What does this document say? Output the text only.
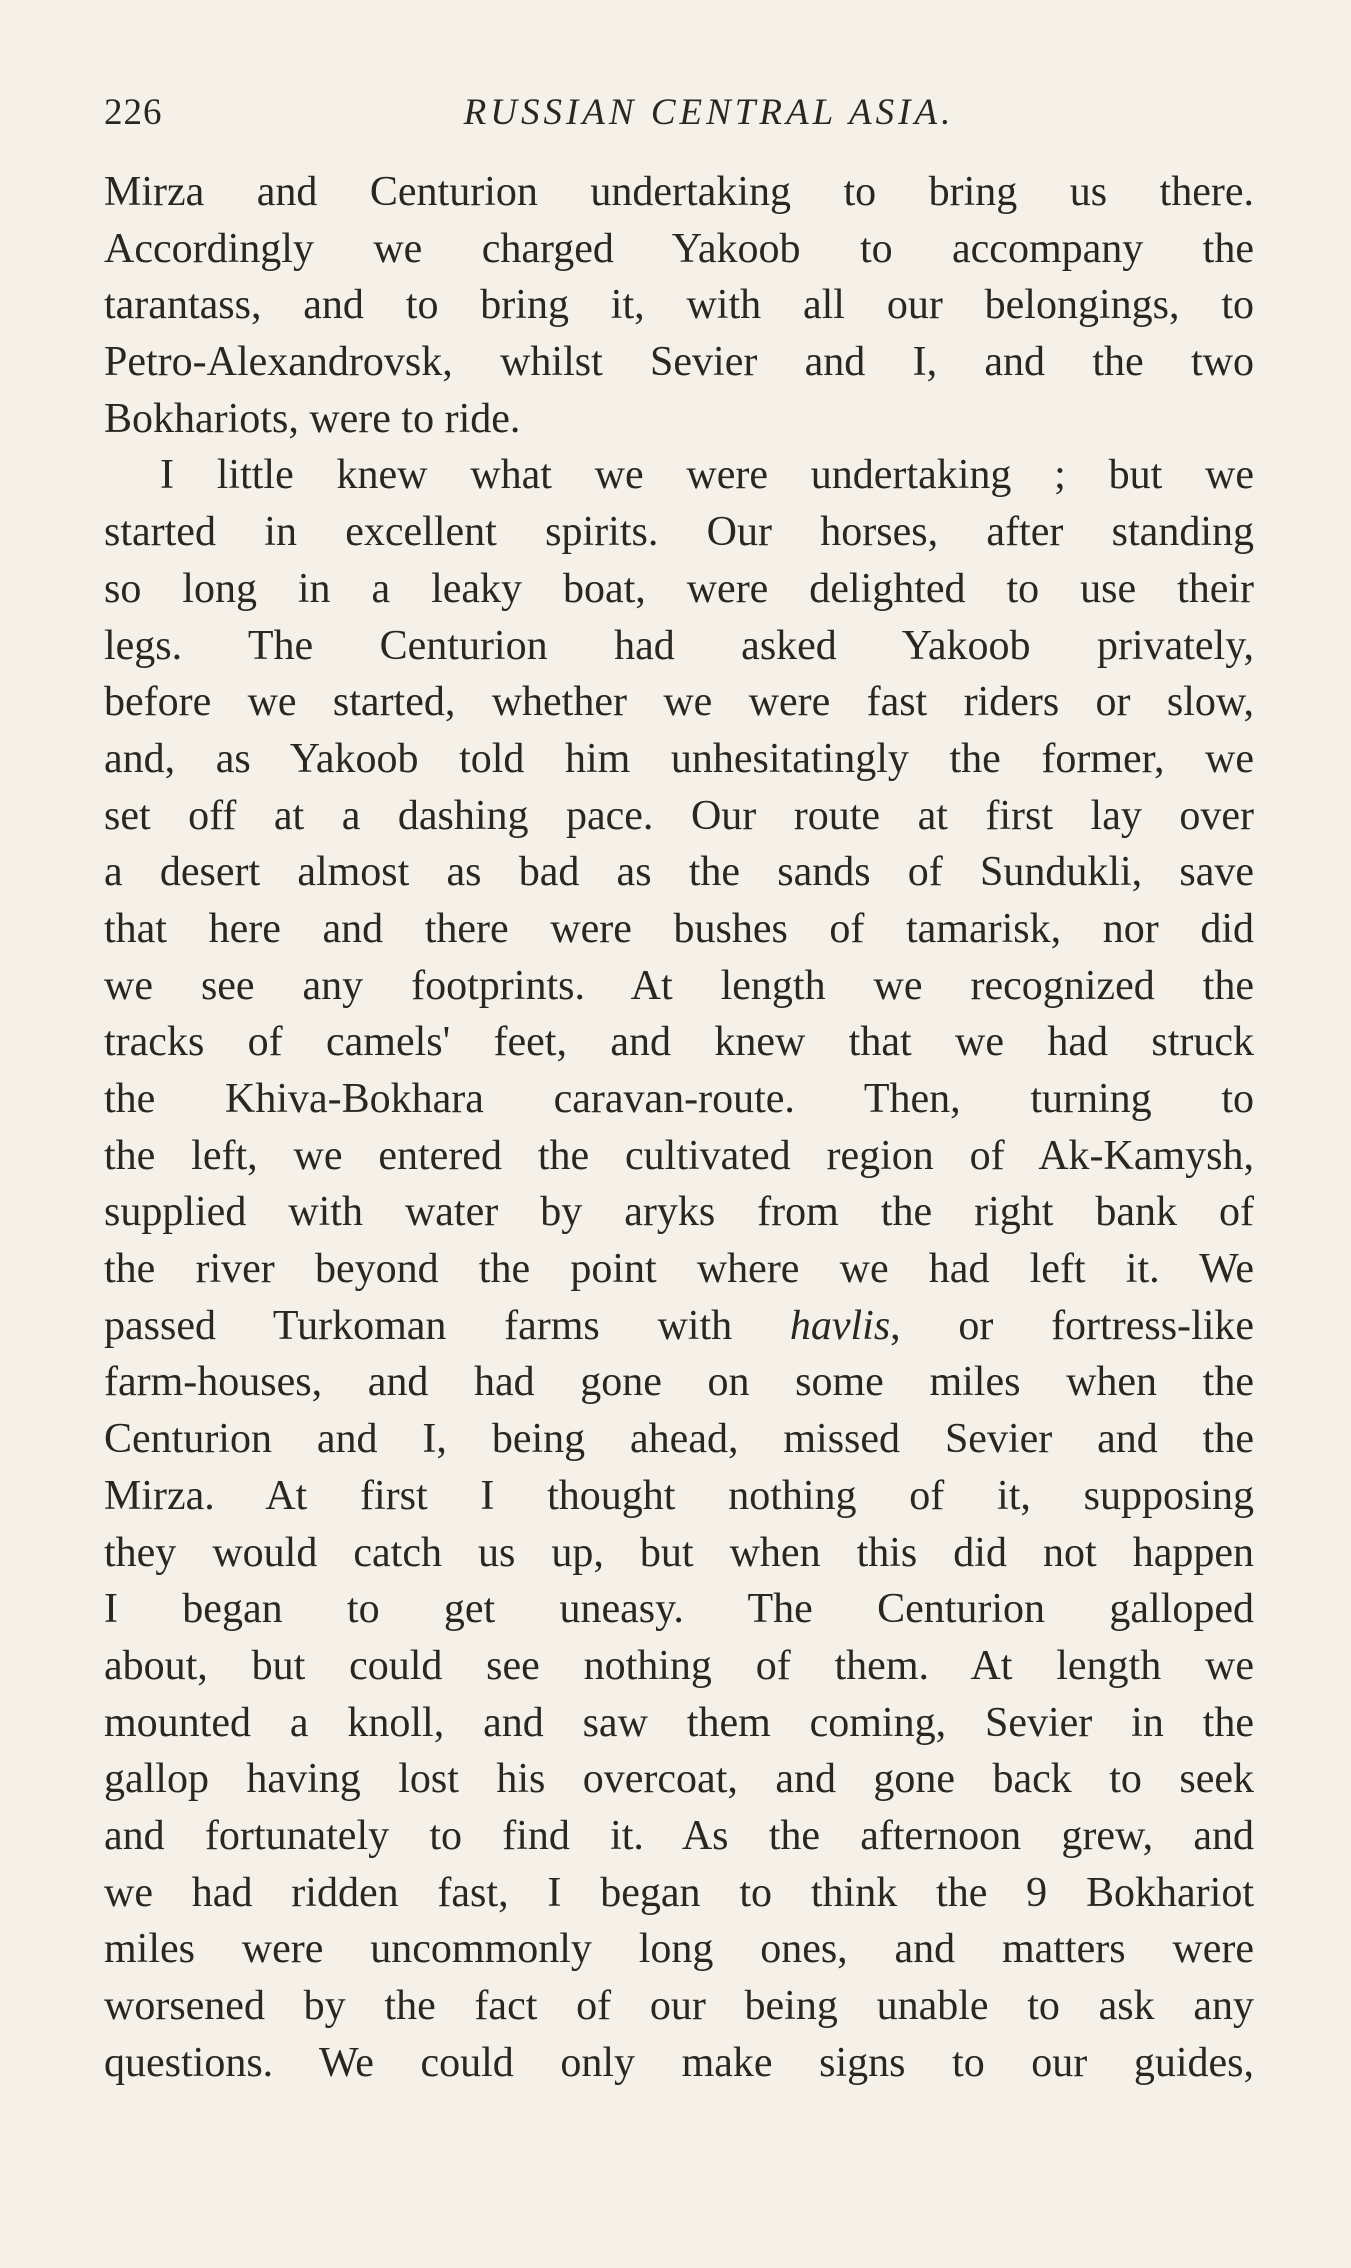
226	RUSSIAN CENTRAL ASIA.
Mirza and Centurion undertaking to bring us there.
Accordingly we charged Yakoob to accompany the
tarantass, and to bring it, with all our belongings, to
Petro-Alexandrovsk, whilst Sevier and I, and the two
Bokhariots, were to ride.
I little knew what we were undertaking ; but we
started in excellent spirits. Our horses, after standing
so long in a leaky boat, were delighted to use their
legs. The Centurion had asked Yakoob privately,
before we started, whether we were fast riders or slow,
and, as Yakoob told him unhesitatingly the former, we
set off at a dashing pace. Our route at first lay over
a desert almost as bad as the sands of Sundukli, save
that here and there were bushes of tamarisk, nor did
we see any footprints. At length we recognized the
tracks of camels' feet, and knew that we had struck
the Khiva-Bokhara caravan-route. Then, turning to
the left, we entered the cultivated region of Ak-Kamysh,
supplied with water by aryks from the right bank of
the river beyond the point where we had left it. We
passed Turkoman farms with havlis, or fortress-like
farm-houses, and had gone on some miles when the
Centurion and I, being ahead, missed Sevier and the
Mirza. At first I thought nothing of it, supposing
they would catch us up, but when this did not happen
I began to get uneasy. The Centurion galloped
about, but could see nothing of them. At length we
mounted a knoll, and saw them coming, Sevier in the
gallop having lost his overcoat, and gone back to seek
and fortunately to find it. As the afternoon grew, and
we had ridden fast, I began to think the 9 Bokhariot
miles were uncommonly long ones, and matters were
worsened by the fact of our being unable to ask any
questions. We could only make signs to our guides,
